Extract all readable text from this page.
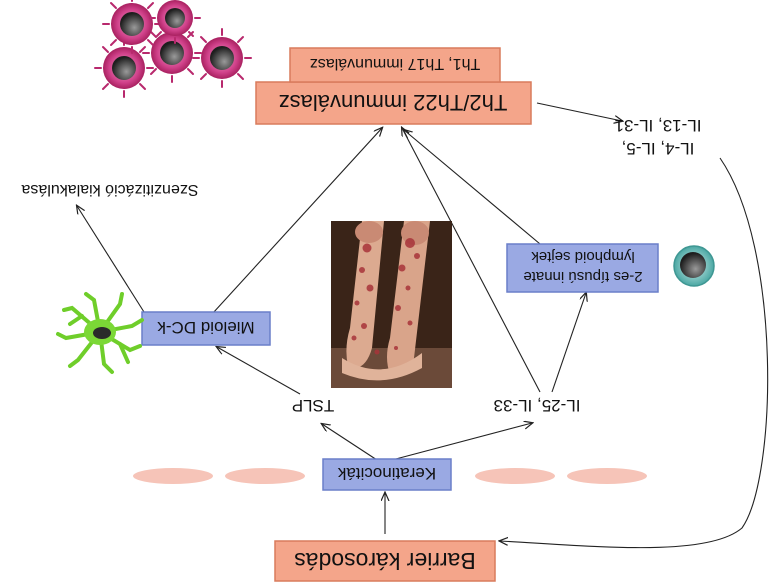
Barrier károsodás
Keratinociták
TSLP	IL-25, IL-33
Mieloid DC-k
2-es típusú innate
lymphoid sejtek
Szenzitizáció kialakulása
IL-4, IL-5,
IL-13, IL-31
Th2/Th22 immunválasz
Th1, Th17 immunválasz
